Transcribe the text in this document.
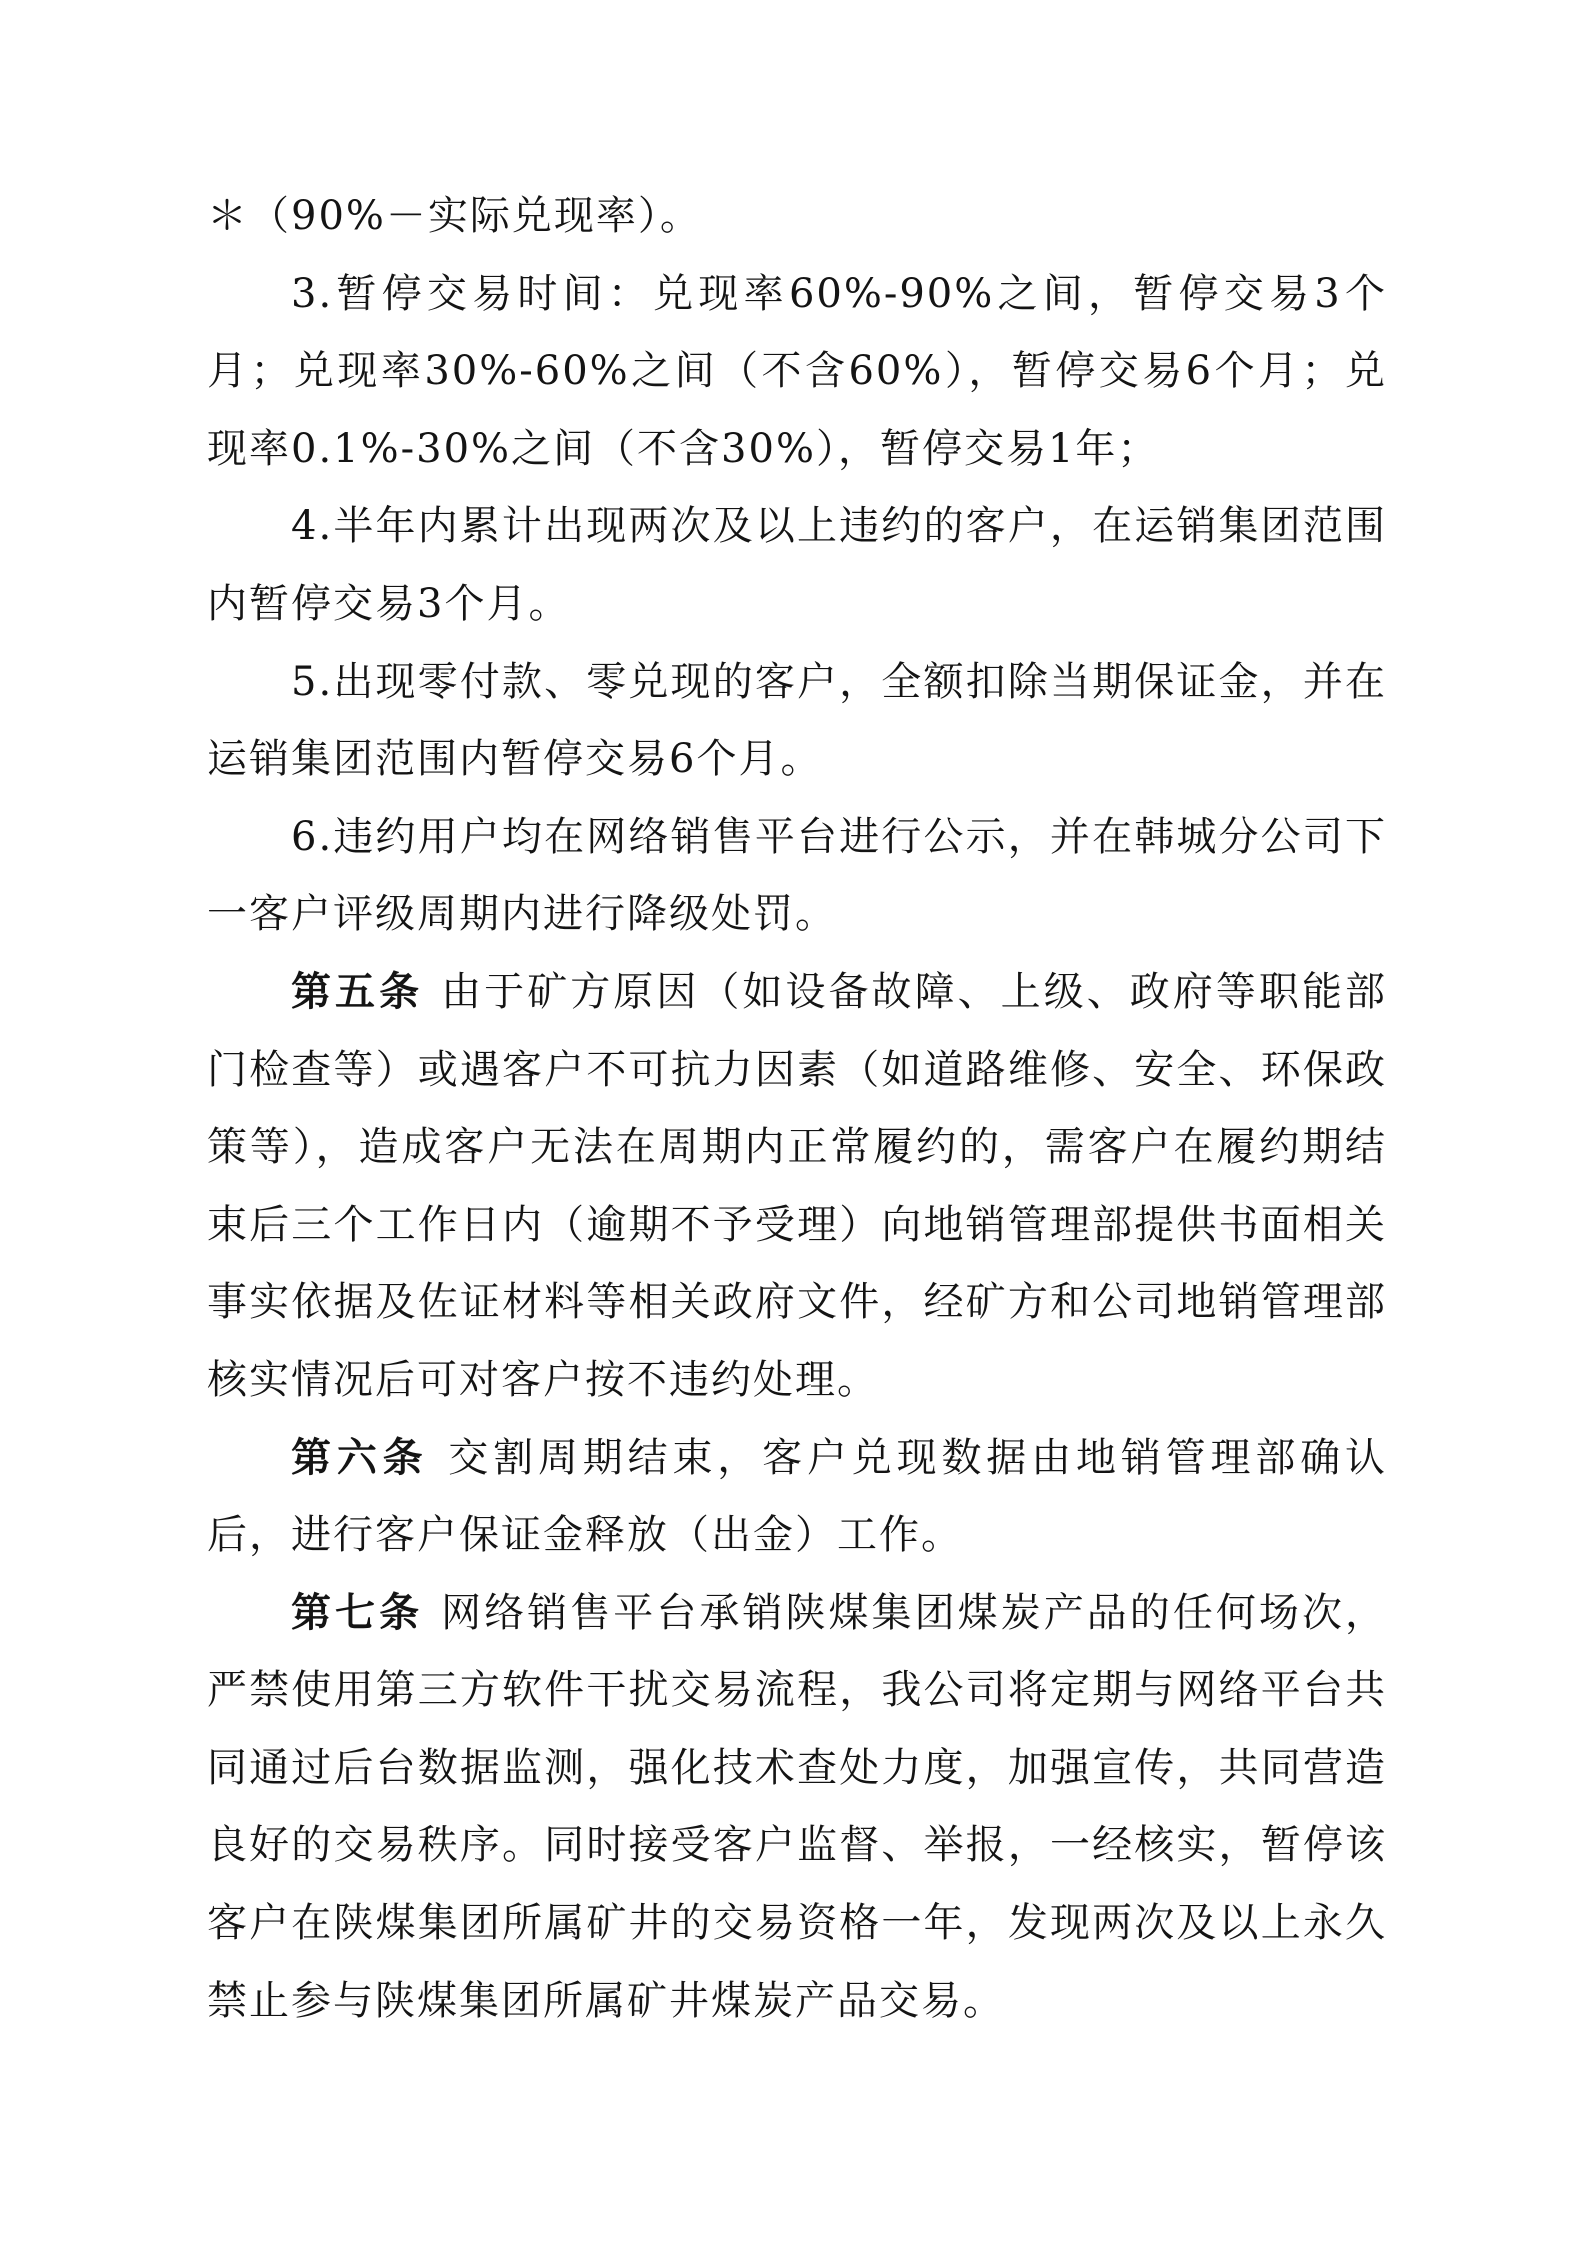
＊（90%－实际兑现率）。

3.暂停交易时间：兑现率60%-90%之间，暂停交易3个月；兑现率30%-60%之间（不含60%），暂停交易6个月；兑现率0.1%-30%之间（不含30%），暂停交易1年；

4.半年内累计出现两次及以上违约的客户，在运销集团范围内暂停交易3个月。

5.出现零付款、零兑现的客户，全额扣除当期保证金，并在运销集团范围内暂停交易6个月。

6.违约用户均在网络销售平台进行公示，并在韩城分公司下一客户评级周期内进行降级处罚。

第五条 由于矿方原因（如设备故障、上级、政府等职能部门检查等）或遇客户不可抗力因素（如道路维修、安全、环保政策等），造成客户无法在周期内正常履约的，需客户在履约期结束后三个工作日内（逾期不予受理）向地销管理部提供书面相关事实依据及佐证材料等相关政府文件，经矿方和公司地销管理部核实情况后可对客户按不违约处理。

第六条 交割周期结束，客户兑现数据由地销管理部确认后，进行客户保证金释放（出金）工作。

第七条 网络销售平台承销陕煤集团煤炭产品的任何场次，严禁使用第三方软件干扰交易流程，我公司将定期与网络平台共同通过后台数据监测，强化技术查处力度，加强宣传，共同营造良好的交易秩序。同时接受客户监督、举报，一经核实，暂停该客户在陕煤集团所属矿井的交易资格一年，发现两次及以上永久禁止参与陕煤集团所属矿井煤炭产品交易。
